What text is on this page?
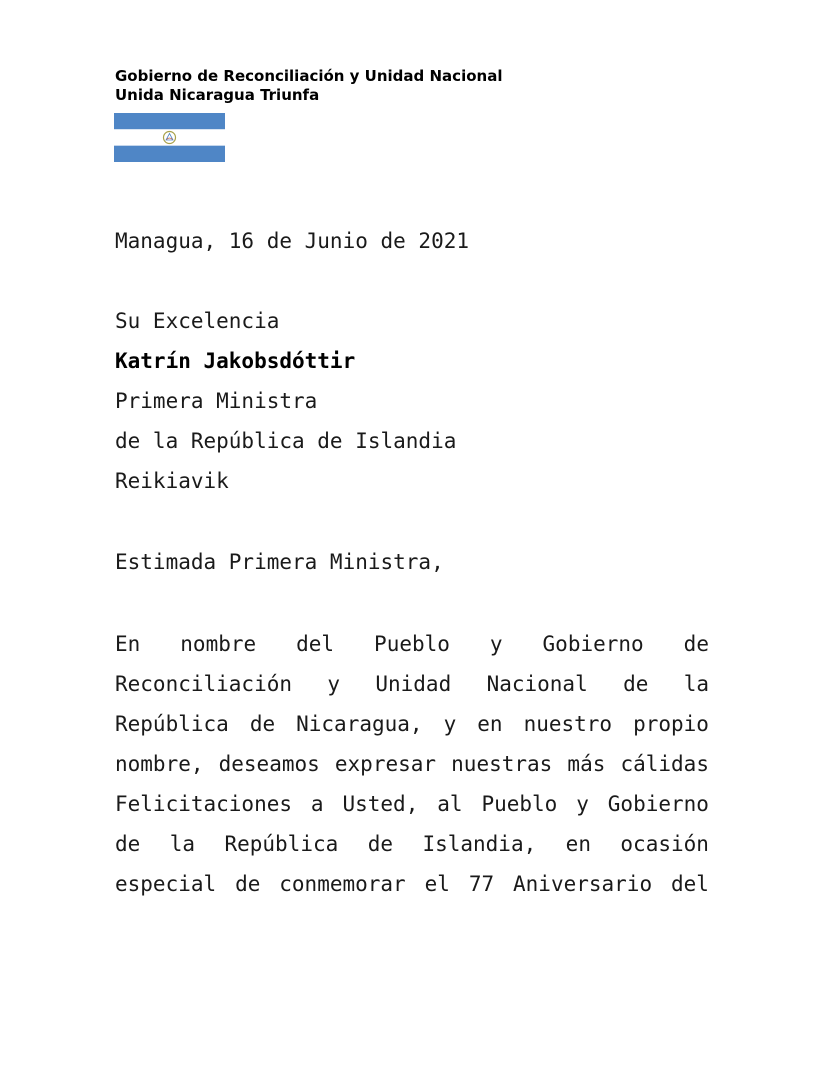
Gobierno de Reconciliación y Unidad Nacional
Unida Nicaragua Triunfa
Managua, 16 de Junio de 2021
Su Excelencia
Katrín Jakobsdóttir
Primera Ministra
de la República de Islandia
Reikiavik
Estimada Primera Ministra,
En nombre del Pueblo y Gobierno de
Reconciliación y Unidad Nacional de la
República de Nicaragua, y en nuestro propio
nombre, deseamos expresar nuestras más cálidas
Felicitaciones a Usted, al Pueblo y Gobierno
de la República de Islandia, en ocasión
especial de conmemorar el 77 Aniversario del
